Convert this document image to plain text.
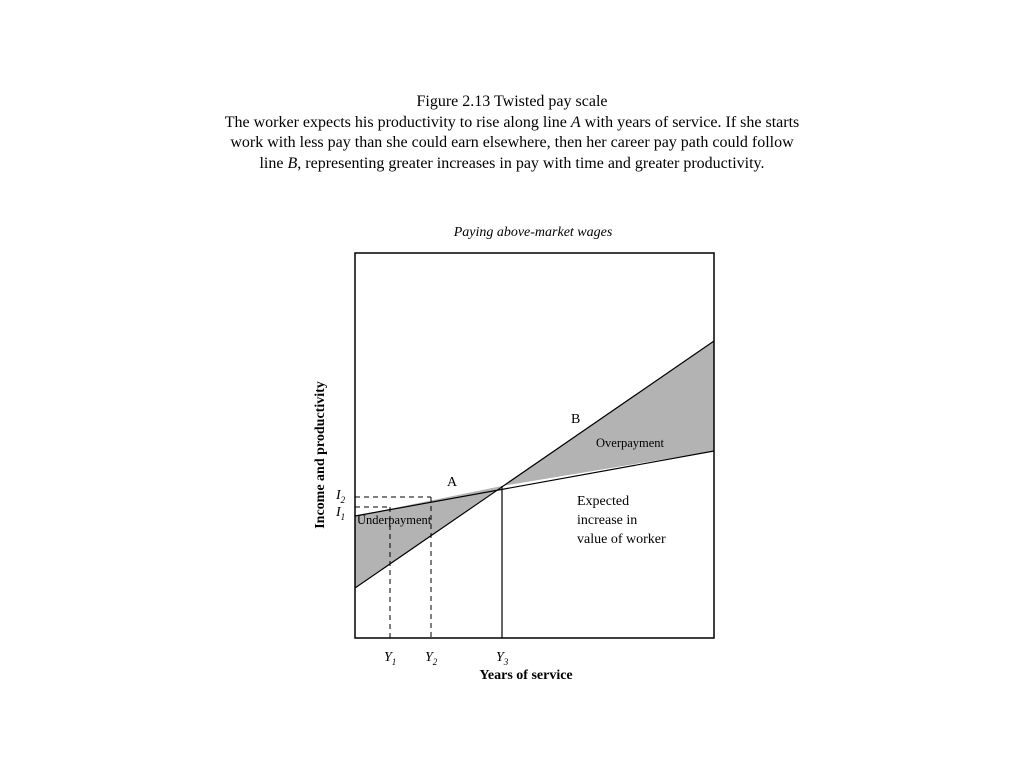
Figure 2.13 Twisted pay scale
The worker expects his productivity to rise along line A with years of service. If she starts
work with less pay than she could earn elsewhere, then her career pay path could follow
line B, representing greater increases in pay with time and greater productivity.
Paying above-market wages
A
B
Underpayment
Overpayment
Expected
increase in
value of worker
$I_2$
$I_1$
$Y_1$ $Y_2$	$Y_3$
Years of service
Income and productivity
